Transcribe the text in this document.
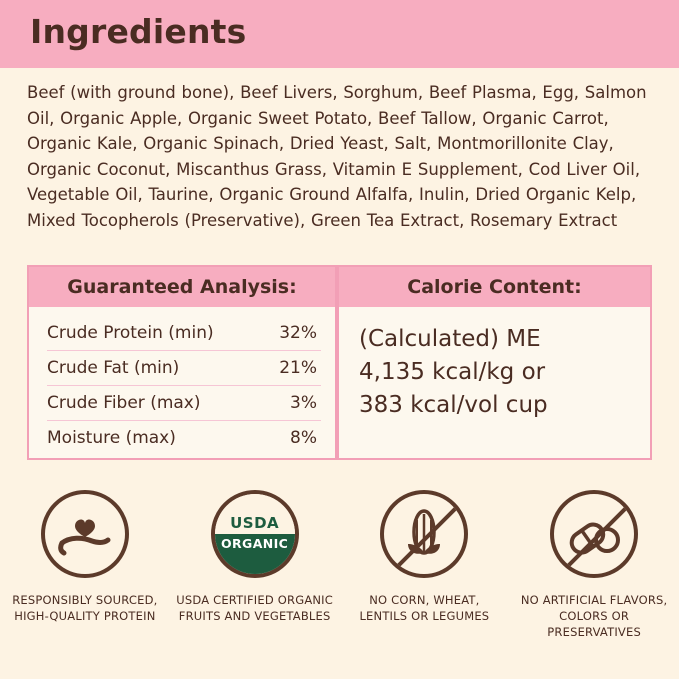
Ingredients
Beef (with ground bone), Beef Livers, Sorghum, Beef Plasma, Egg, Salmon Oil, Organic Apple, Organic Sweet Potato, Beef Tallow, Organic Carrot, Organic Kale, Organic Spinach, Dried Yeast, Salt, Montmorillonite Clay, Organic Coconut, Miscanthus Grass, Vitamin E Supplement, Cod Liver Oil, Vegetable Oil, Taurine, Organic Ground Alfalfa, Inulin, Dried Organic Kelp, Mixed Tocopherols (Preservative), Green Tea Extract, Rosemary Extract
Guaranteed Analysis:
Crude Protein (min)	32%
Crude Fat (min)	21%
Crude Fiber (max)	3%
Moisture (max)	8%
Calorie Content:
(Calculated) ME
4,135 kcal/kg or
383 kcal/vol cup
RESPONSIBLY SOURCED, HIGH-QUALITY PROTEIN
USDA
ORGANIC
USDA CERTIFIED ORGANIC FRUITS AND VEGETABLES
NO CORN, WHEAT, LENTILS OR LEGUMES
NO ARTIFICIAL FLAVORS, COLORS OR PRESERVATIVES
